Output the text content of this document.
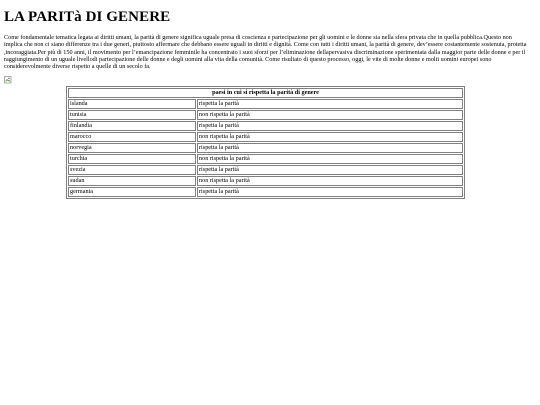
LA PARITà DI GENERE

Come fondamentale tematica legata ai diritti umani, la parità di genere significa uguale presa di coscienza e partecipazione per gli uomini e le donne sia nella sfera privata che in quella pubblica.Questo non implica che non ci siano differenze tra i due generi, piuttosto affermare che debbano essere uguali in diritti e dignità. Come con tutti i diritti umani, la parità di genere, dev’essere costantemente sostenuta, protetta ,incoraggiata.Per più di 150 anni, il movimento per l’emancipazione femminile ha concentrato i suoi sforzi per l’eliminazione dellapervasiva discriminazione sperimentata dalla maggior parte delle donne e per il raggiungimento di un uguale livellodi partecipazione delle donne e degli uomini alla vita della comunità. Come risultato di questo processo, oggi, le vite di molte donne e molti uomini europei sono considerevolmente diverse rispetto a quelle di un secolo fa.

paesi in cui si rispetta la parità di genere	
islanda	rispetta la parità
tunisia	non rispetta la parità
finlandia	rispetta la parità
marocco	non rispetta la parità
norvegia	rispetta la parità
turchia	non rispetta la parità
svezia	rispetta la parità
sudan	non rispetta la parità
germania	rispetta la parità
